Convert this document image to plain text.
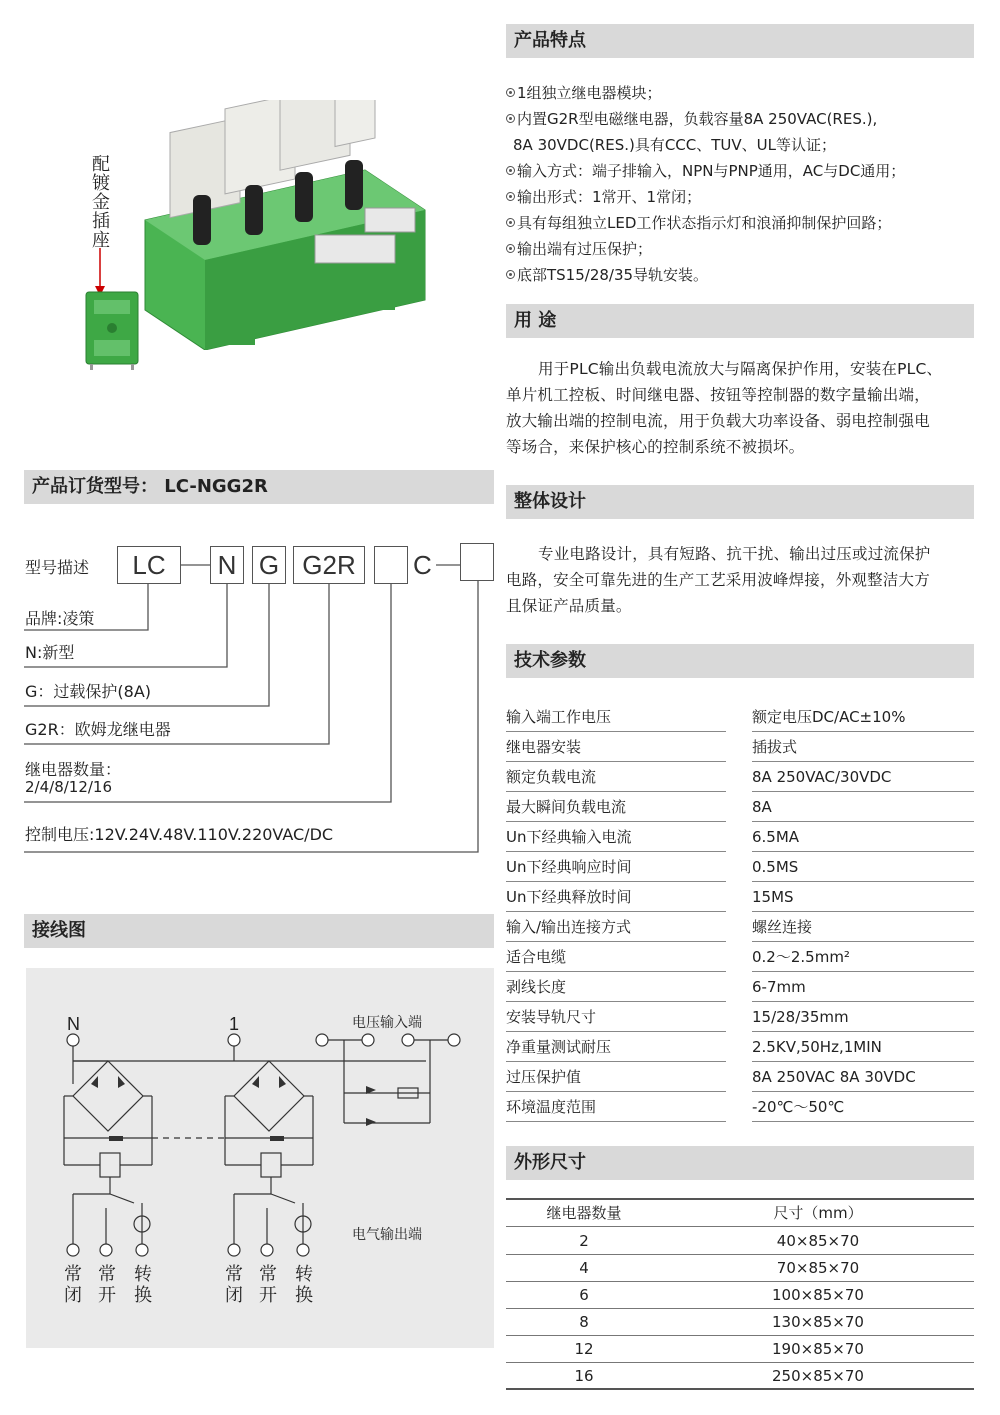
产品特点
1组独立继电器模块；
内置G2R型电磁继电器，负载容量8A 250VAC(RES.),
8A 30VDC(RES.)具有CCC、TUV、UL等认证；
输入方式：端子排输入，NPN与PNP通用，AC与DC通用；
输出形式：1常开、1常闭；
具有每组独立LED工作状态指示灯和浪涌抑制保护回路；
输出端有过压保护；
底部TS15/28/35导轨安装。
用 途
用于PLC输出负载电流放大与隔离保护作用，安装在PLC、
单片机工控板、时间继电器、按钮等控制器的数字量输出端，
放大输出端的控制电流，用于负载大功率设备、弱电控制强电
等场合，来保护核心的控制系统不被损坏。
整体设计
专业电路设计，具有短路、抗干扰、输出过压或过流保护
电路，安全可靠先进的生产工艺采用波峰焊接，外观整洁大方
且保证产品质量。
技术参数
输入端工作电压	额定电压DC/AC±10%
继电器安装	插拔式
额定负载电流	8A 250VAC/30VDC
最大瞬间负载电流	8A
Un下经典输入电流	6.5MA
Un下经典响应时间	0.5MS
Un下经典释放时间	15MS
输入/输出连接方式	螺丝连接
适合电缆	0.2～2.5mm²
剥线长度	6-7mm
安装导轨尺寸	15/28/35mm
净重量测试耐压	2.5KV,50Hz,1MIN
过压保护值	8A 250VAC 8A 30VDC
环境温度范围	-20℃～50℃
外形尺寸
继电器数量	尺寸（mm）
2	40×85×70
4	70×85×70
6	100×85×70
8	130×85×70
12	190×85×70
16	250×85×70
配镀金插座
产品订货型号： LC-NGG2R
型号描述	LC	N G G2R	C
品牌:凌策
N:新型
G：过载保护(8A)
G2R：欧姆龙继电器
继电器数量：
2/4/8/12/16
控制电压:12V.24V.48V.110V.220VAC/DC
接线图
N	1	电压输入端
电气输出端
常闭
常开
转换
常闭
常开
转换
